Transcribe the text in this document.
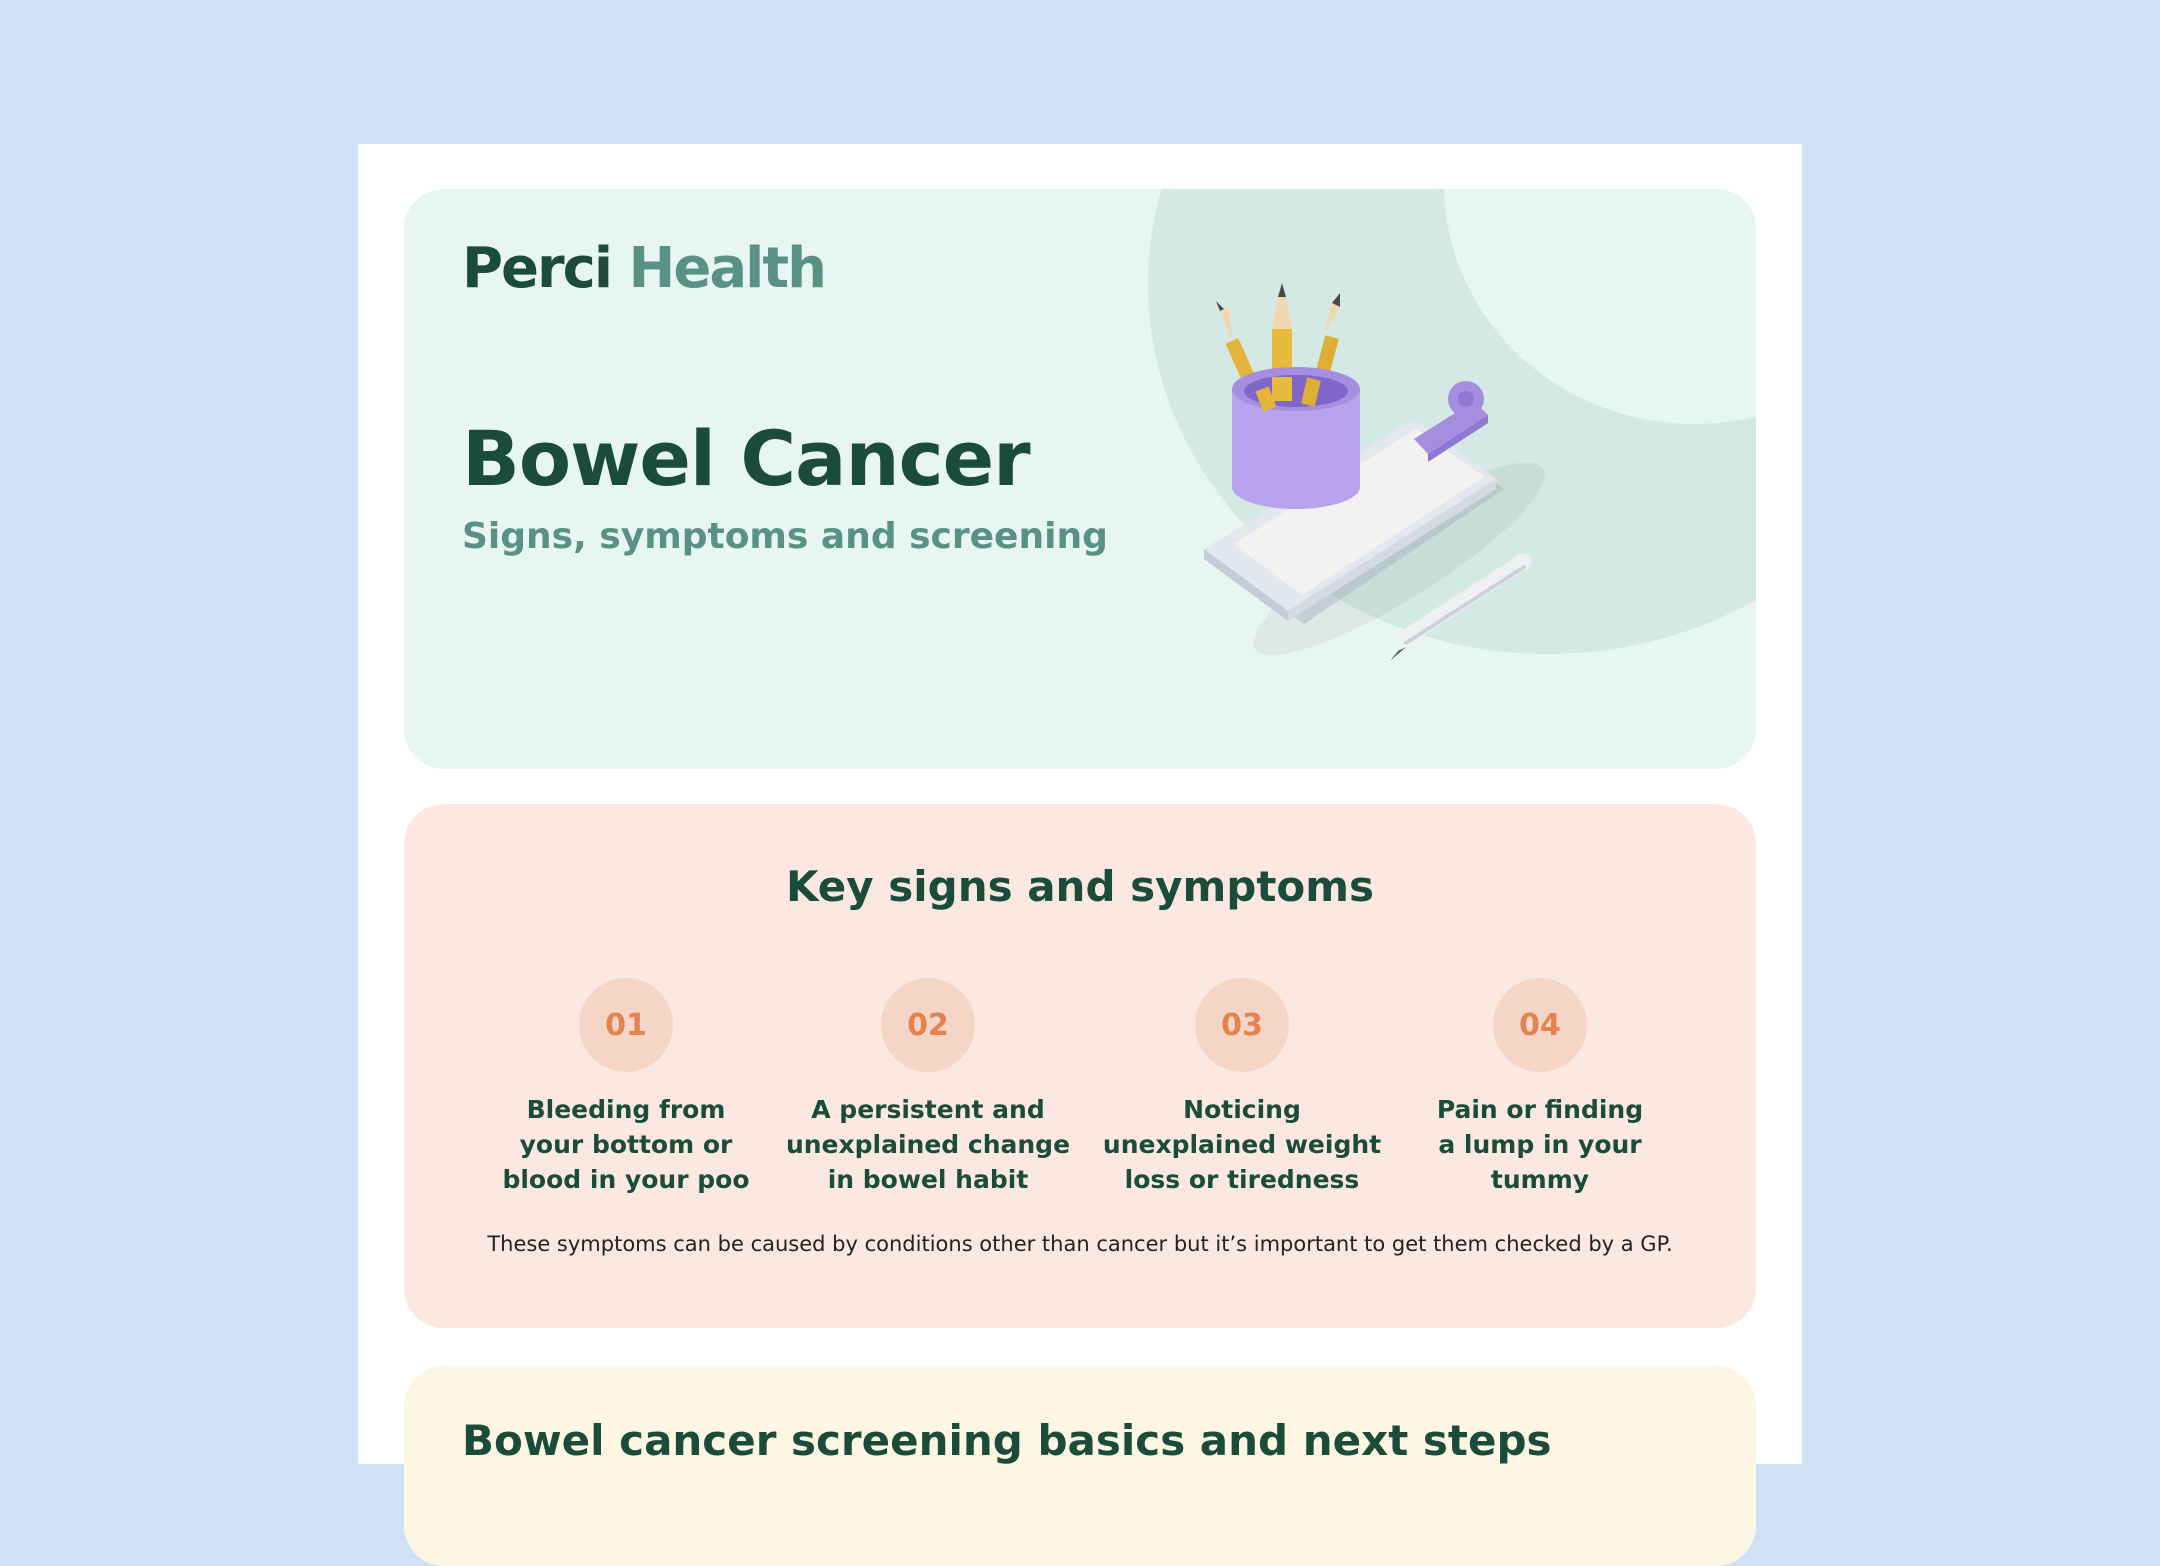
Perci Health
Bowel Cancer

Signs, symptoms and screening

Key signs and symptoms
01
Bleeding from
your bottom or
blood in your poo
02
A persistent and
unexplained change
in bowel habit
03
Noticing
unexplained weight
loss or tiredness
04
Pain or finding
a lump in your
tummy

These symptoms can be caused by conditions other than cancer but it’s important to get them checked by a GP.

Bowel cancer screening basics and next steps
